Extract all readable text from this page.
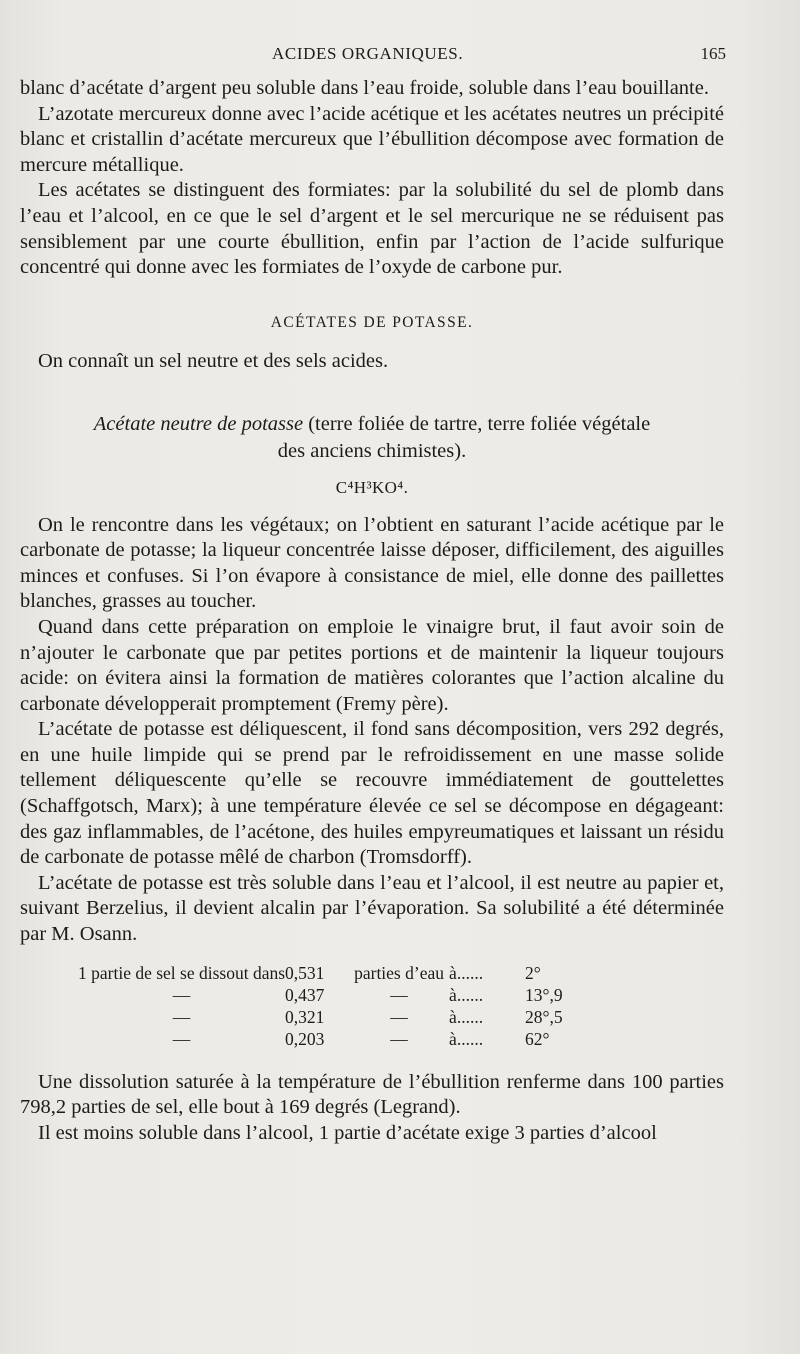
ACIDES ORGANIQUES.	165

blanc d’acétate d’argent peu soluble dans l’eau froide, soluble dans l’eau bouillante.

L’azotate mercureux donne avec l’acide acétique et les acétates neutres un précipité blanc et cristallin d’acétate mercureux que l’ébullition décompose avec formation de mercure métallique.

Les acétates se distinguent des formiates: par la solubilité du sel de plomb dans l’eau et l’alcool, en ce que le sel d’argent et le sel mercurique ne se réduisent pas sensiblement par une courte ébullition, enfin par l’action de l’acide sulfurique concentré qui donne avec les formiates de l’oxyde de carbone pur.

ACÉTATES DE POTASSE.

On connaît un sel neutre et des sels acides.

Acétate neutre de potasse (terre foliée de tartre, terre foliée végétale
des anciens chimistes).
C⁴H³KO⁴.

On le rencontre dans les végétaux; on l’obtient en saturant l’acide acétique par le carbonate de potasse; la liqueur concentrée laisse déposer, difficilement, des aiguilles minces et confuses. Si l’on évapore à consistance de miel, elle donne des paillettes blanches, grasses au toucher.

Quand dans cette préparation on emploie le vinaigre brut, il faut avoir soin de n’ajouter le carbonate que par petites portions et de maintenir la liqueur toujours acide: on évitera ainsi la formation de matières colorantes que l’action alcaline du carbonate développerait promptement (Fremy père).

L’acétate de potasse est déliquescent, il fond sans décomposition, vers 292 degrés, en une huile limpide qui se prend par le refroidissement en une masse solide tellement déliquescente qu’elle se recouvre immédiatement de gouttelettes (Schaffgotsch, Marx); à une température élevée ce sel se décompose en dégageant: des gaz inflammables, de l’acétone, des huiles empyreumatiques et laissant un résidu de carbonate de potasse mêlé de charbon (Tromsdorff).

L’acétate de potasse est très soluble dans l’eau et l’alcool, il est neutre au papier et, suivant Berzelius, il devient alcalin par l’évaporation. Sa solubilité a été déterminée par M. Osann.

1 partie de sel se dissout dans	0,531	parties d’eau	à......	2°
—	0,437	—	à......	13°,9
—	0,321	—	à......	28°,5
—	0,203	—	à......	62°

Une dissolution saturée à la température de l’ébullition renferme dans 100 parties 798,2 parties de sel, elle bout à 169 degrés (Legrand).

Il est moins soluble dans l’alcool, 1 partie d’acétate exige 3 parties d’alcool
